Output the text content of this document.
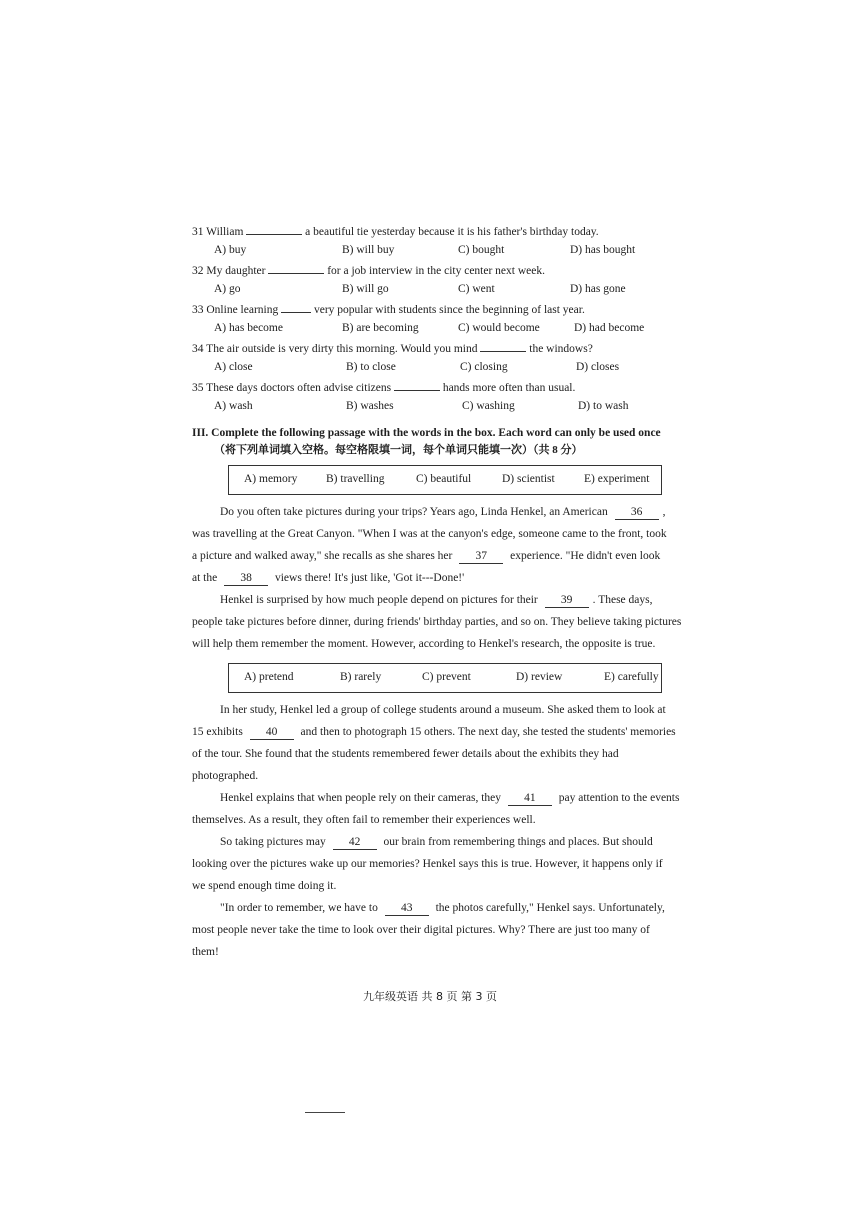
31 William	a beautiful tie yesterday because it is his father's birthday today.
A) buy	B) will buy	C) bought	D) has bought
32 My daughter	for a job interview in the city center next week.
A) go	B) will go	C) went	D) has gone
33 Online learning	very popular with students since the beginning of last year.
A) has become	B) are becoming	C) would become	D) had become
34 The air outside is very dirty this morning. Would you mind	the windows?
A) close	B) to close	C) closing	D) closes
35 These days doctors often advise citizens	hands more often than usual.
A) wash	B) washes	C) washing	D) to wash
III. Complete the following passage with the words in the box. Each word can only be used once
（将下列单词填入空格。每空格限填一词，每个单词只能填一次）（共 8 分）
A) memory B) travelling	C) beautiful	D) scientist	E) experiment
Do you often take pictures during your trips? Years ago, Linda Henkel, an American 36 ,
was travelling at the Great Canyon. "When I was at the canyon's edge, someone came to the front, took
a picture and walked away," she recalls as she shares her 37 experience. "He didn't even look
at the 38 views there! It's just like, 'Got it---Done!'
Henkel is surprised by how much people depend on pictures for their 39 . These days,
people take pictures before dinner, during friends' birthday parties, and so on. They believe taking pictures
will help them remember the moment. However, according to Henkel's research, the opposite is true.
A) pretend	B) rarely	C) prevent	D) review	E) carefully
In her study, Henkel led a group of college students around a museum. She asked them to look at
15 exhibits 40 and then to photograph 15 others. The next day, she tested the students' memories
of the tour. She found that the students remembered fewer details about the exhibits they had
photographed.
Henkel explains that when people rely on their cameras, they 41 pay attention to the events
themselves. As a result, they often fail to remember their experiences well.
So taking pictures may 42 our brain from remembering things and places. But should
looking over the pictures wake up our memories? Henkel says this is true. However, it happens only if
we spend enough time doing it.
"In order to remember, we have to 43 the photos carefully," Henkel says. Unfortunately,
most people never take the time to look over their digital pictures. Why? There are just too many of
them!
九年级英语 共 8 页 第 3 页
